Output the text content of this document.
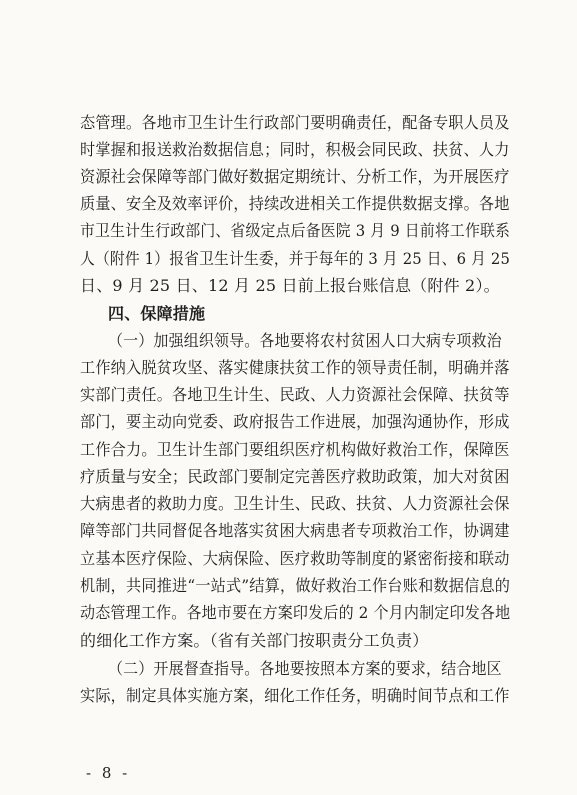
态管理。各地市卫生计生行政部门要明确责任，配备专职人员及
时掌握和报送救治数据信息；同时，积极会同民政、扶贫、人力
资源社会保障等部门做好数据定期统计、分析工作，为开展医疗
质量、安全及效率评价，持续改进相关工作提供数据支撑。各地
市卫生计生行政部门、省级定点后备医院 3 月 9 日前将工作联系
人（附件 1）报省卫生计生委，并于每年的 3 月 25 日、6 月 25
日、9 月 25 日、12 月 25 日前上报台账信息（附件 2）。
四、保障措施
（一）加强组织领导。各地要将农村贫困人口大病专项救治
工作纳入脱贫攻坚、落实健康扶贫工作的领导责任制，明确并落
实部门责任。各地卫生计生、民政、人力资源社会保障、扶贫等
部门，要主动向党委、政府报告工作进展，加强沟通协作，形成
工作合力。卫生计生部门要组织医疗机构做好救治工作，保障医
疗质量与安全；民政部门要制定完善医疗救助政策，加大对贫困
大病患者的救助力度。卫生计生、民政、扶贫、人力资源社会保
障等部门共同督促各地落实贫困大病患者专项救治工作，协调建
立基本医疗保险、大病保险、医疗救助等制度的紧密衔接和联动
机制，共同推进“一站式”结算，做好救治工作台账和数据信息的
动态管理工作。各地市要在方案印发后的 2 个月内制定印发各地
的细化工作方案。（省有关部门按职责分工负责）
（二）开展督查指导。各地要按照本方案的要求，结合地区
实际，制定具体实施方案，细化工作任务，明确时间节点和工作
- 8 -
